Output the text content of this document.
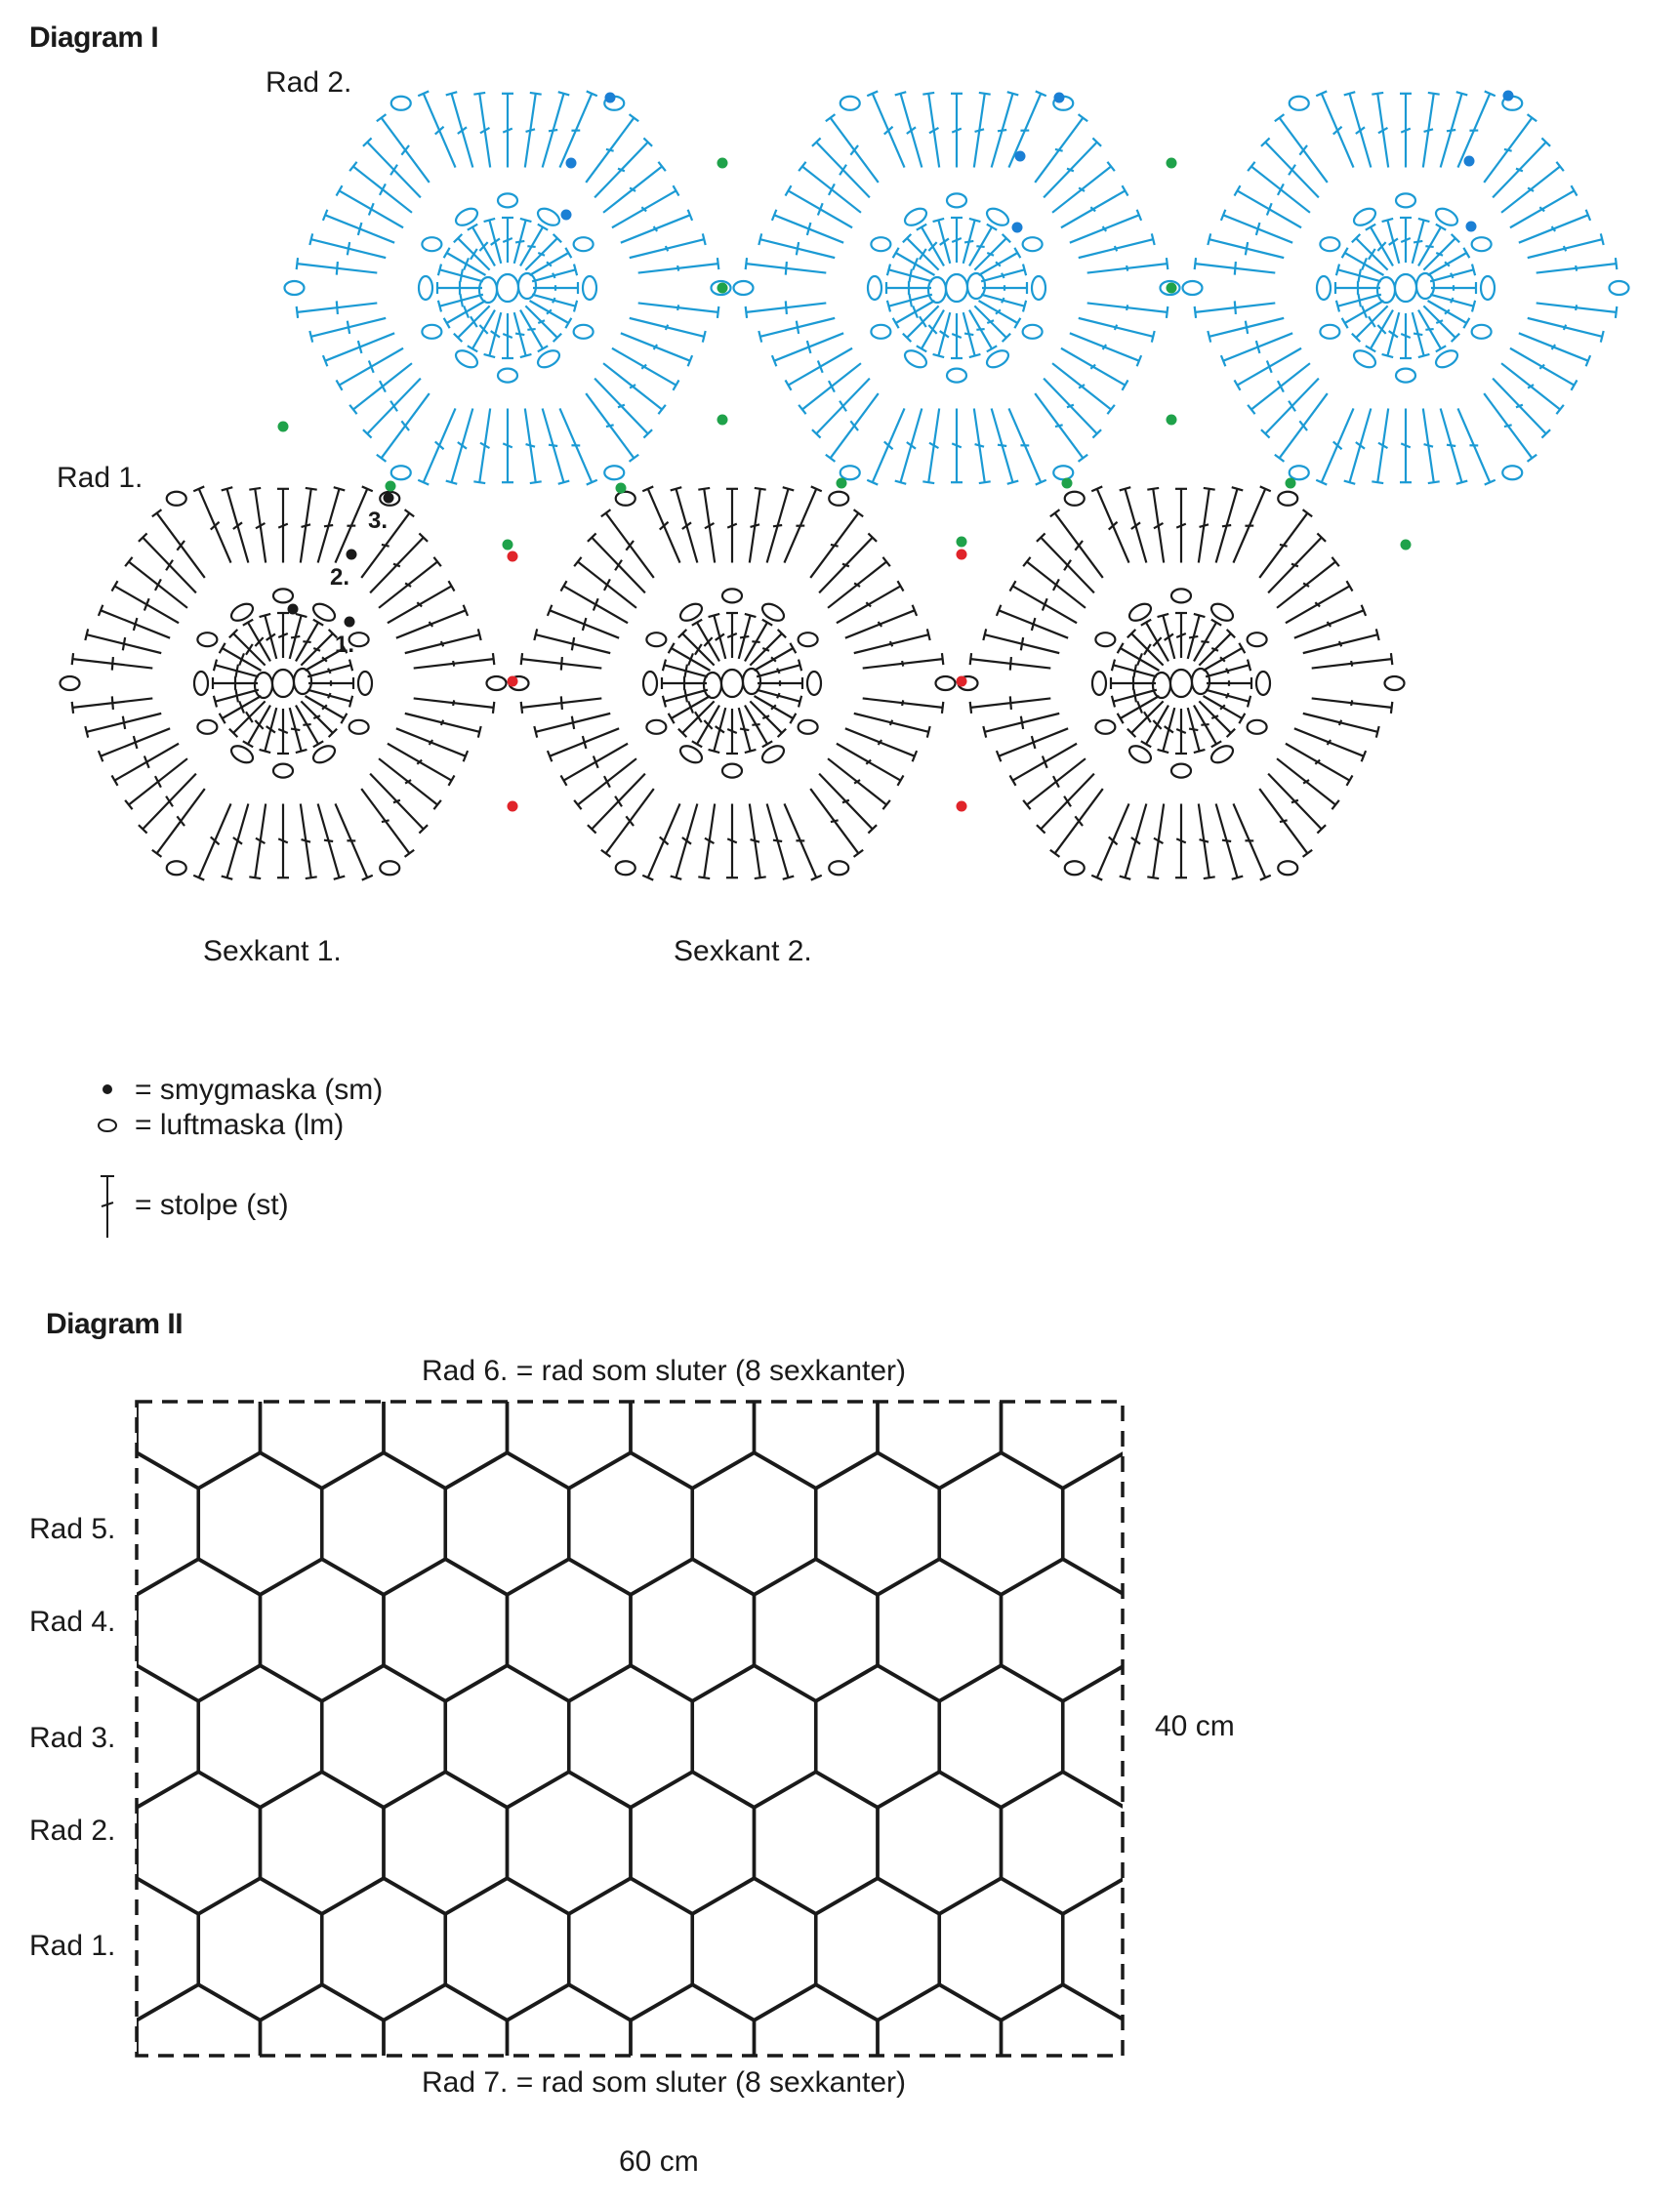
Diagram I
Rad 2.
Rad 1.
Sexkant 1.	Sexkant 2.
3.
2.
1.
= smygmaska (sm)
= luftmaska (lm)
= stolpe (st)
Diagram II
Rad 6. = rad som sluter (8 sexkanter)
Rad 7. = rad som sluter (8 sexkanter)
Rad 5.
Rad 4.
Rad 3.
Rad 2.
Rad 1.
40 cm
60 cm
